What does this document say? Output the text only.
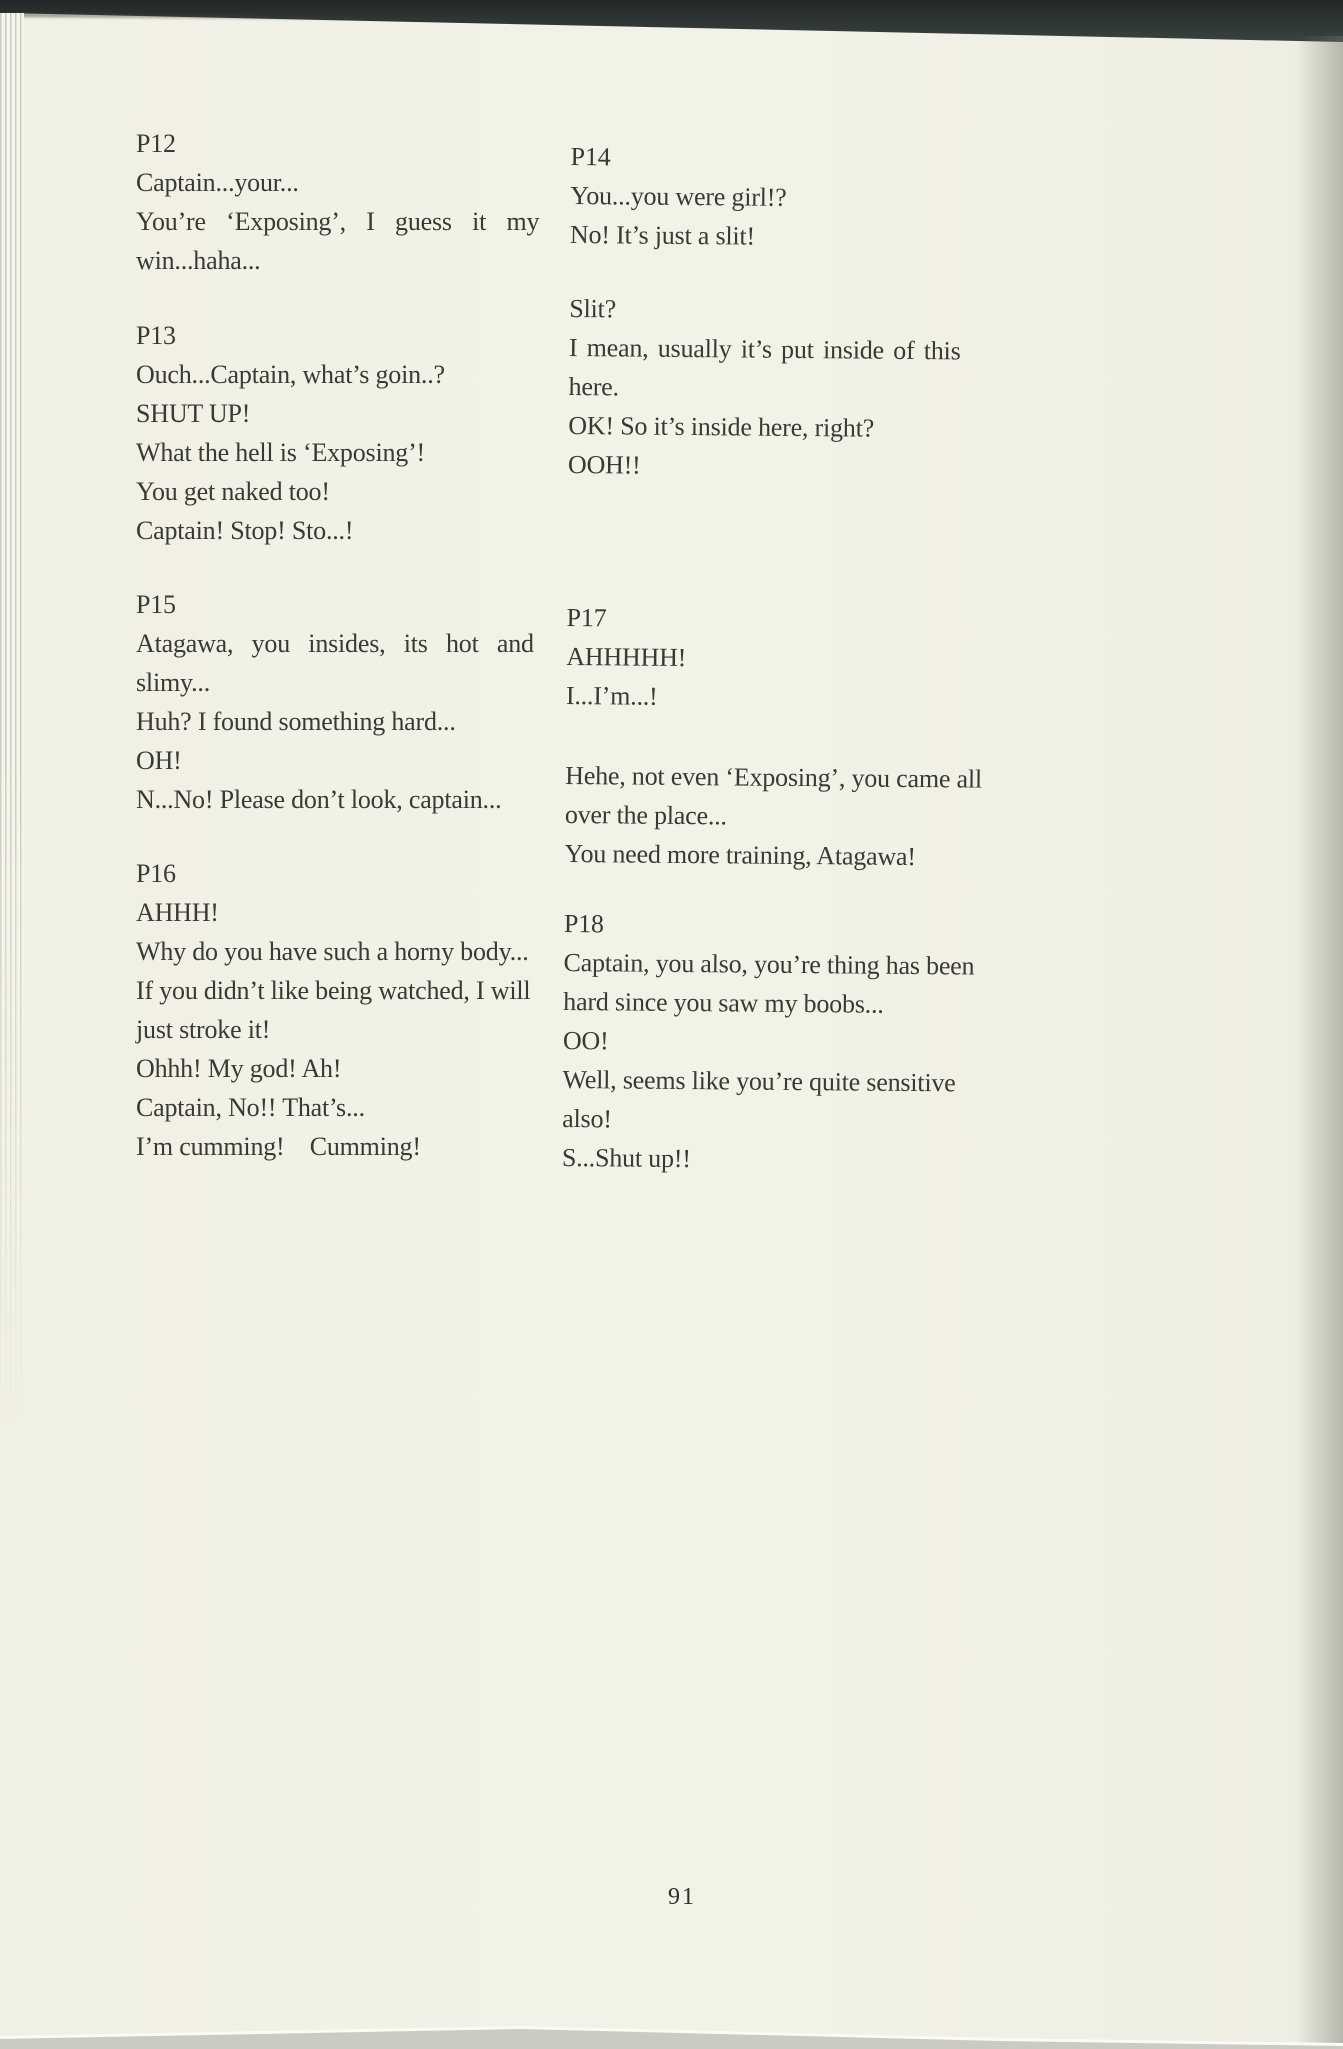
P12
Captain...your...
You’re ‘Exposing’, I guess it my
win...haha...
P13
Ouch...Captain, what’s goin..?
SHUT UP!
What the hell is ‘Exposing’!
You get naked too!
Captain! Stop! Sto...!
P15
Atagawa, you insides, its hot and
slimy...
Huh? I found something hard...
OH!
N...No! Please don’t look, captain...
P16
AHHH!
Why do you have such a horny body...
If you didn’t like being watched, I will
just stroke it!
Ohhh! My god! Ah!
Captain, No!! That’s...
I’m cumming!    Cumming!
P14
You...you were girl!?
No! It’s just a slit!
Slit?
I mean, usually it’s put inside of this
here.
OK! So it’s inside here, right?
OOH!!
P17
AHHHHH!
I...I’m...!
Hehe, not even ‘Exposing’, you came all
over the place...
You need more training, Atagawa!
P18
Captain, you also, you’re thing has been
hard since you saw my boobs...
OO!
Well, seems like you’re quite sensitive
also!
S...Shut up!!
91
